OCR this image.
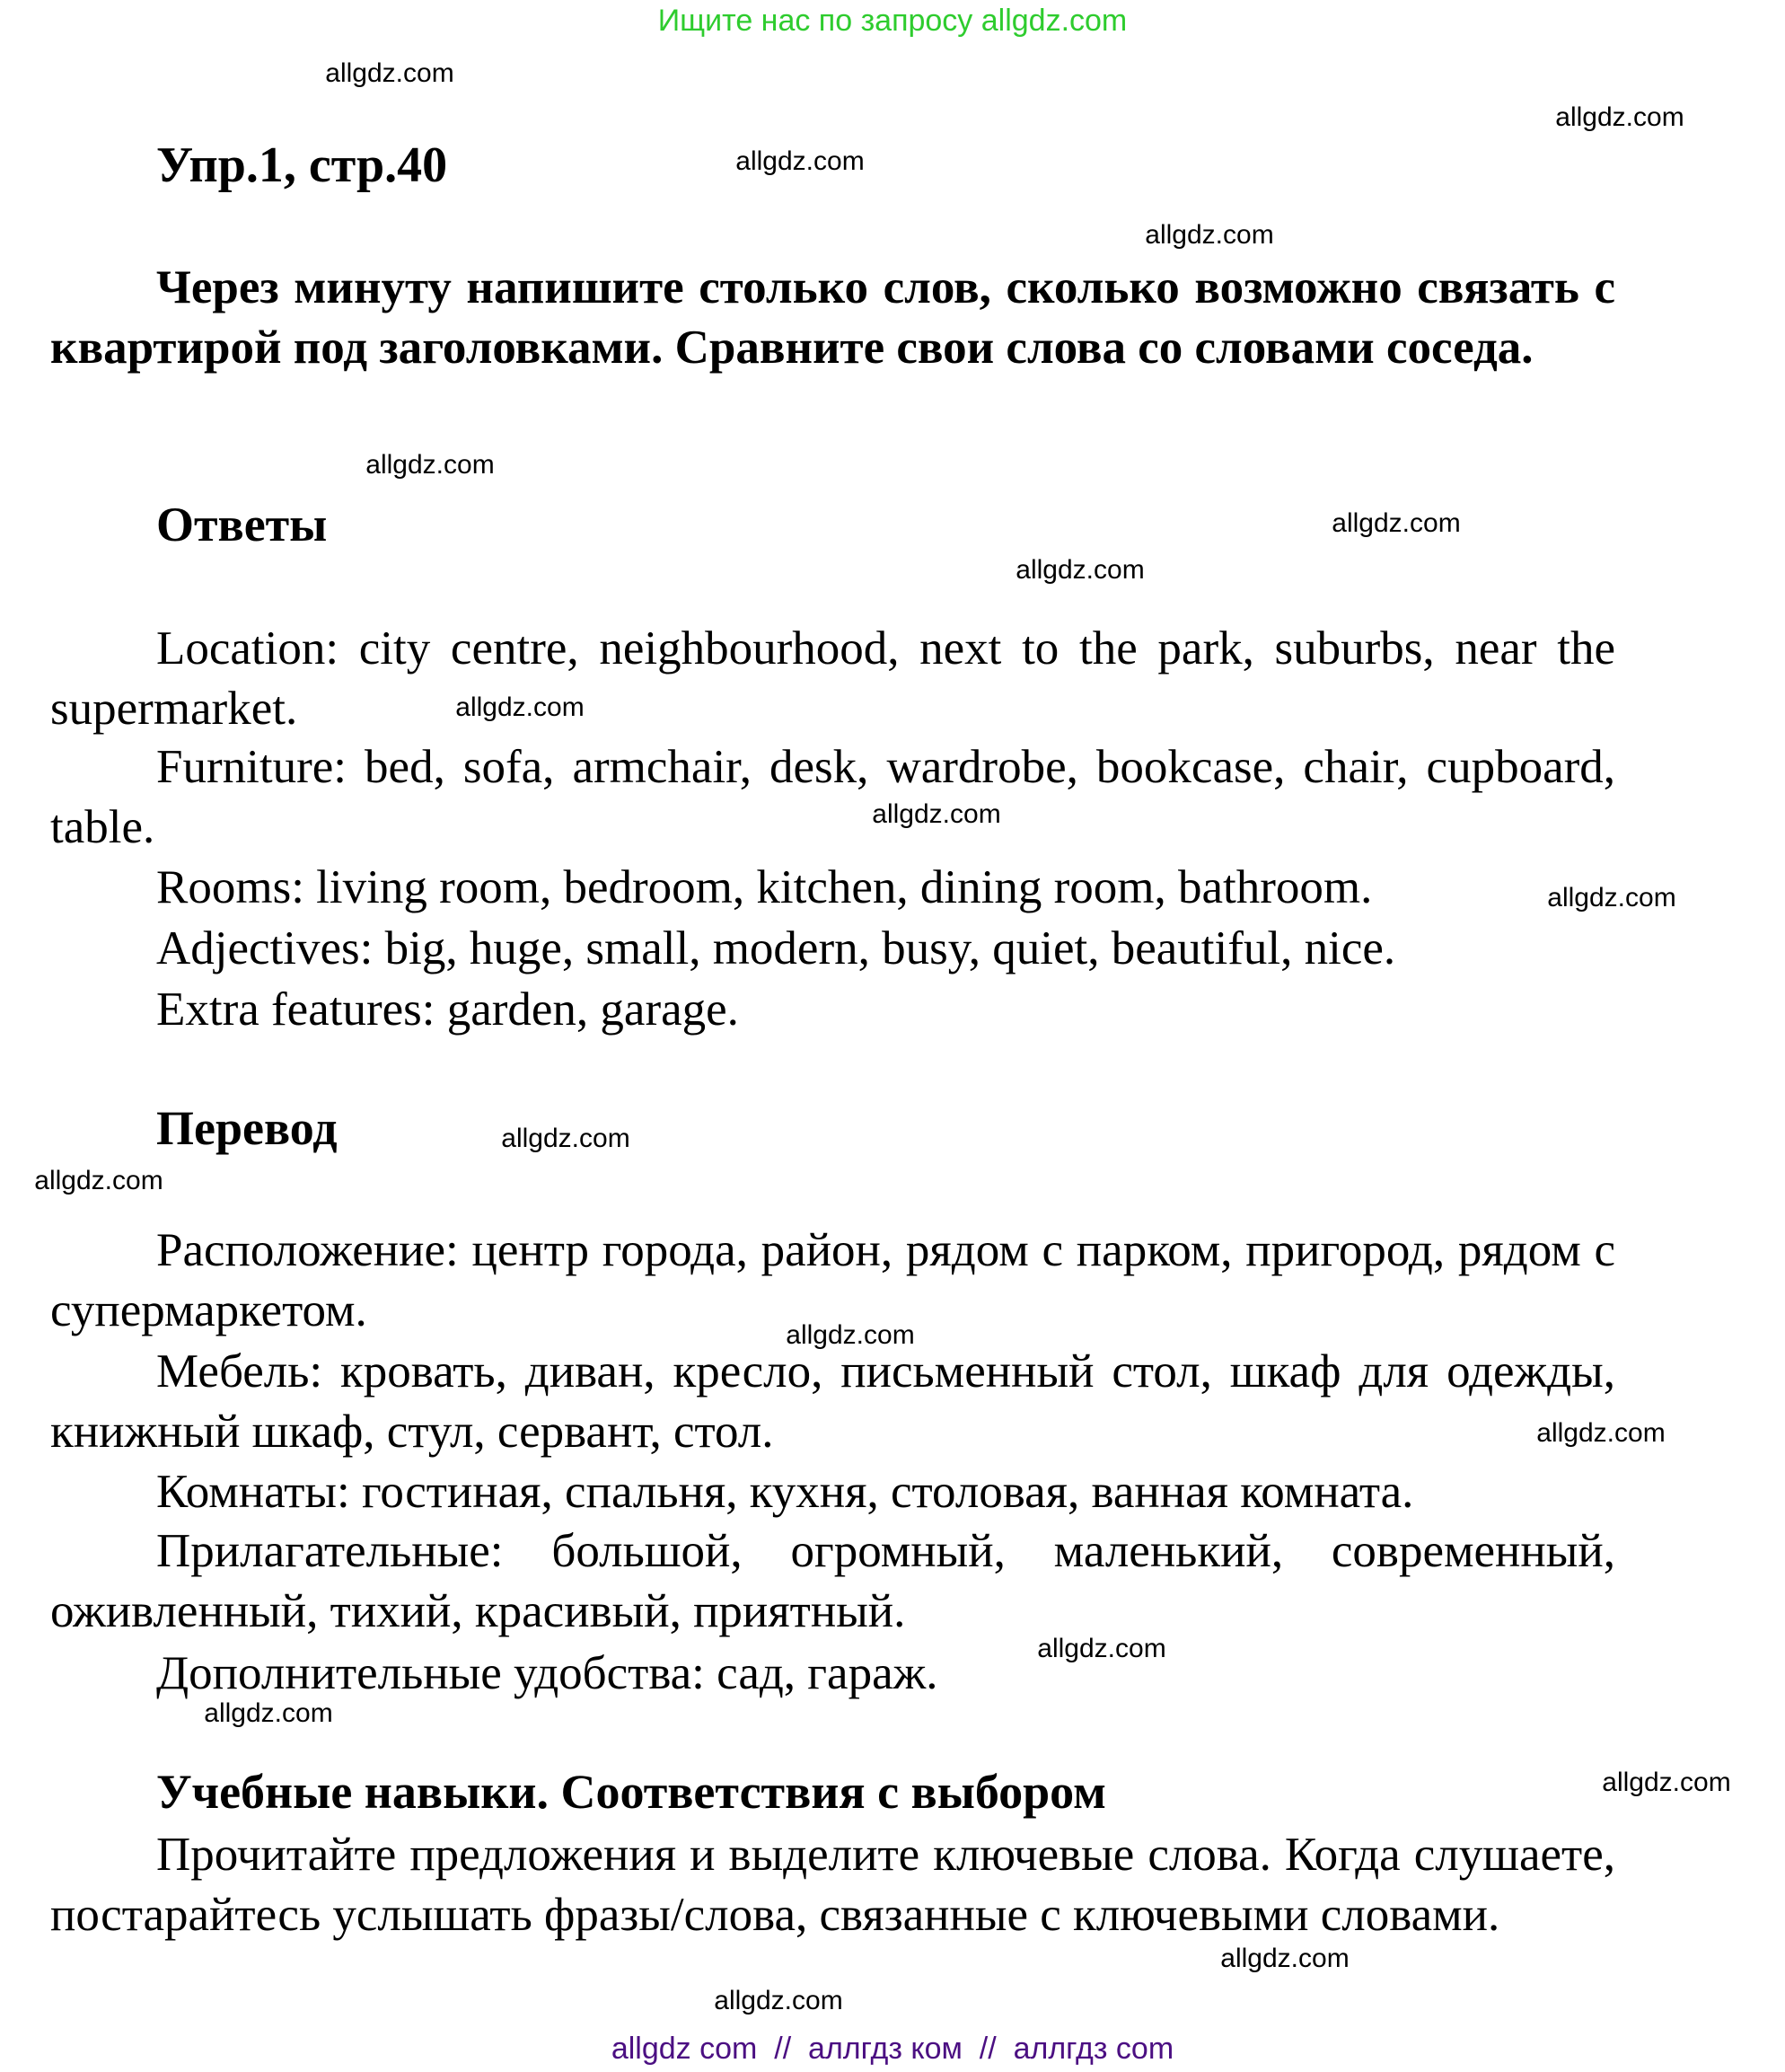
Ищите нас по запросу allgdz.com
Упр.1, стр.40
Через минуту напишите столько слов, сколько возможно связать с квартирой под заголовками. Сравните свои слова со словами соседа.
Ответы
Location: city centre, neighbourhood, next to the park, suburbs, near the supermarket.
Furniture: bed, sofa, armchair, desk, wardrobe, bookcase, chair, cupboard, table.
Rooms: living room, bedroom, kitchen, dining room, bathroom.
Adjectives: big, huge, small, modern, busy, quiet, beautiful, nice.
Extra features: garden, garage.
Перевод
Расположение: центр города, район, рядом с парком, пригород, рядом с супермаркетом.
Мебель: кровать, диван, кресло, письменный стол, шкаф для одежды, книжный шкаф, стул, сервант, стол.
Комнаты: гостиная, спальня, кухня, столовая, ванная комната.
Прилагательные: большой, огромный, маленький, современный, оживленный, тихий, красивый, приятный.
Дополнительные удобства: сад, гараж.
Учебные навыки. Соответствия с выбором
Прочитайте предложения и выделите ключевые слова. Когда слушаете, постарайтесь услышать фразы/слова, связанные с ключевыми словами.
allgdz.com
allgdz.com
allgdz.com
allgdz.com
allgdz.com
allgdz.com
allgdz.com
allgdz.com
allgdz.com
allgdz.com
allgdz.com
allgdz.com
allgdz.com
allgdz.com
allgdz.com
allgdz.com
allgdz.com
allgdz.com
allgdz.com
allgdz com  //  аллгдз ком  //  аллгдз com
